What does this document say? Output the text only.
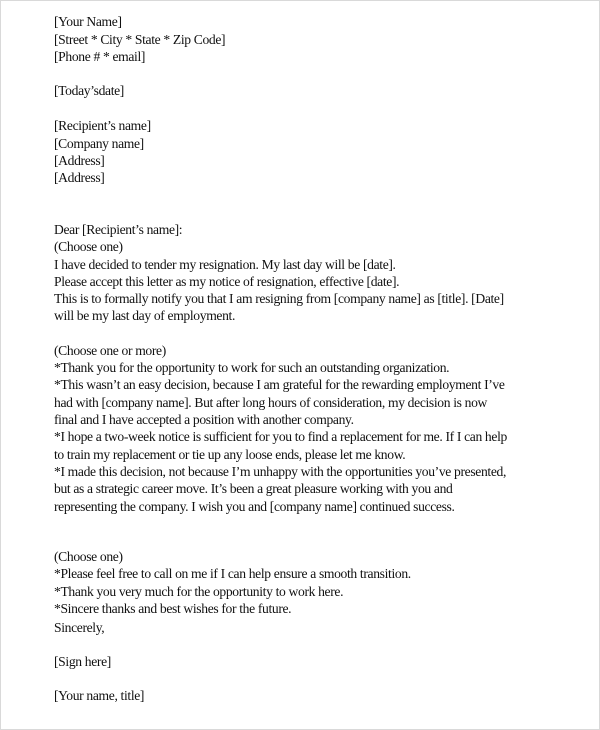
[Your Name]
[Street * City * State * Zip Code]
[Phone # * email]
[Today’sdate]
[Recipient’s name]
[Company name]
[Address]
[Address]
Dear [Recipient’s name]:
(Choose one)
I have decided to tender my resignation. My last day will be [date].
Please accept this letter as my notice of resignation, effective [date].
This is to formally notify you that I am resigning from [company name] as [title]. [Date]
will be my last day of employment.
(Choose one or more)
*Thank you for the opportunity to work for such an outstanding organization.
*This wasn’t an easy decision, because I am grateful for the rewarding employment I’ve
had with [company name]. But after long hours of consideration, my decision is now
final and I have accepted a position with another company.
*I hope a two-week notice is sufficient for you to find a replacement for me. If I can help
to train my replacement or tie up any loose ends, please let me know.
*I made this decision, not because I’m unhappy with the opportunities you’ve presented,
but as a strategic career move. It’s been a great pleasure working with you and
representing the company. I wish you and [company name] continued success.
(Choose one)
*Please feel free to call on me if I can help ensure a smooth transition.
*Thank you very much for the opportunity to work here.
*Sincere thanks and best wishes for the future.
Sincerely,
[Sign here]
[Your name, title]
